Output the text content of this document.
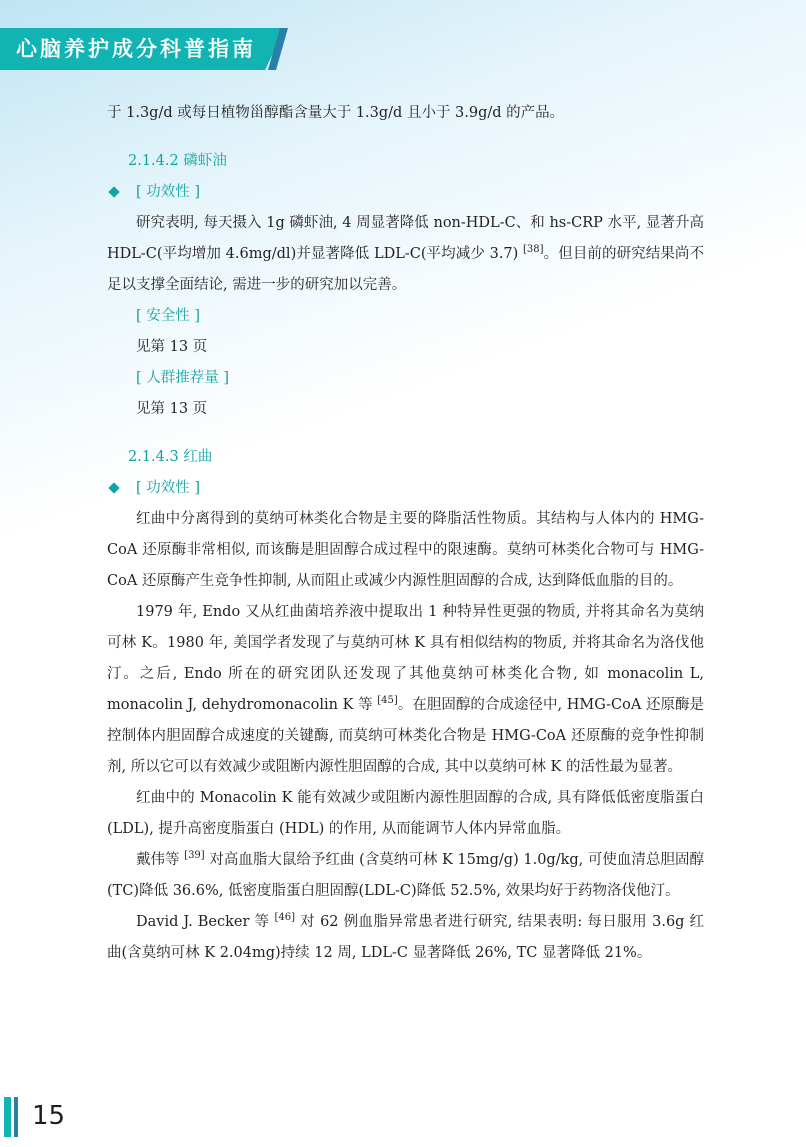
心脑养护成分科普指南

于 1.3g/d 或每日植物甾醇酯含量大于 1.3g/d 且小于 3.9g/d 的产品。

2.1.4.2 磷虾油

[ 功效性 ]

研究表明, 每天摄入 1g 磷虾油, 4 周显著降低 non-HDL-C、和 hs-CRP 水平, 显著升高 HDL-C(平均增加 4.6mg/dl)并显著降低 LDL-C(平均减少 3.7) [38]。但目前的研究结果尚不足以支撑全面结论, 需进一步的研究加以完善。

[ 安全性 ]

见第 13 页

[ 人群推荐量 ]

见第 13 页

2.1.4.3 红曲

[ 功效性 ]

红曲中分离得到的莫纳可林类化合物是主要的降脂活性物质。其结构与人体内的 HMG-CoA 还原酶非常相似, 而该酶是胆固醇合成过程中的限速酶。莫纳可林类化合物可与 HMG-CoA 还原酶产生竞争性抑制, 从而阻止或减少内源性胆固醇的合成, 达到降低血脂的目的。

1979 年, Endo 又从红曲菌培养液中提取出 1 种特异性更强的物质, 并将其命名为莫纳可林 K。1980 年, 美国学者发现了与莫纳可林 K 具有相似结构的物质, 并将其命名为洛伐他汀。之后, Endo 所在的研究团队还发现了其他莫纳可林类化合物, 如 monacolin L, monacolin J, dehydromonacolin K 等 [45]。在胆固醇的合成途径中, HMG-CoA 还原酶是控制体内胆固醇合成速度的关键酶, 而莫纳可林类化合物是 HMG-CoA 还原酶的竞争性抑制剂, 所以它可以有效减少或阻断内源性胆固醇的合成, 其中以莫纳可林 K 的活性最为显著。

红曲中的 Monacolin K 能有效减少或阻断内源性胆固醇的合成, 具有降低低密度脂蛋白 (LDL), 提升高密度脂蛋白 (HDL) 的作用, 从而能调节人体内异常血脂。

戴伟等 [39] 对高血脂大鼠给予红曲 (含莫纳可林 K 15mg/g) 1.0g/kg, 可使血清总胆固醇(TC)降低 36.6%, 低密度脂蛋白胆固醇(LDL-C)降低 52.5%, 效果均好于药物洛伐他汀。

David J. Becker 等 [46] 对 62 例血脂异常患者进行研究, 结果表明: 每日服用 3.6g 红曲(含莫纳可林 K 2.04mg)持续 12 周, LDL-C 显著降低 26%, TC 显著降低 21%。

15
